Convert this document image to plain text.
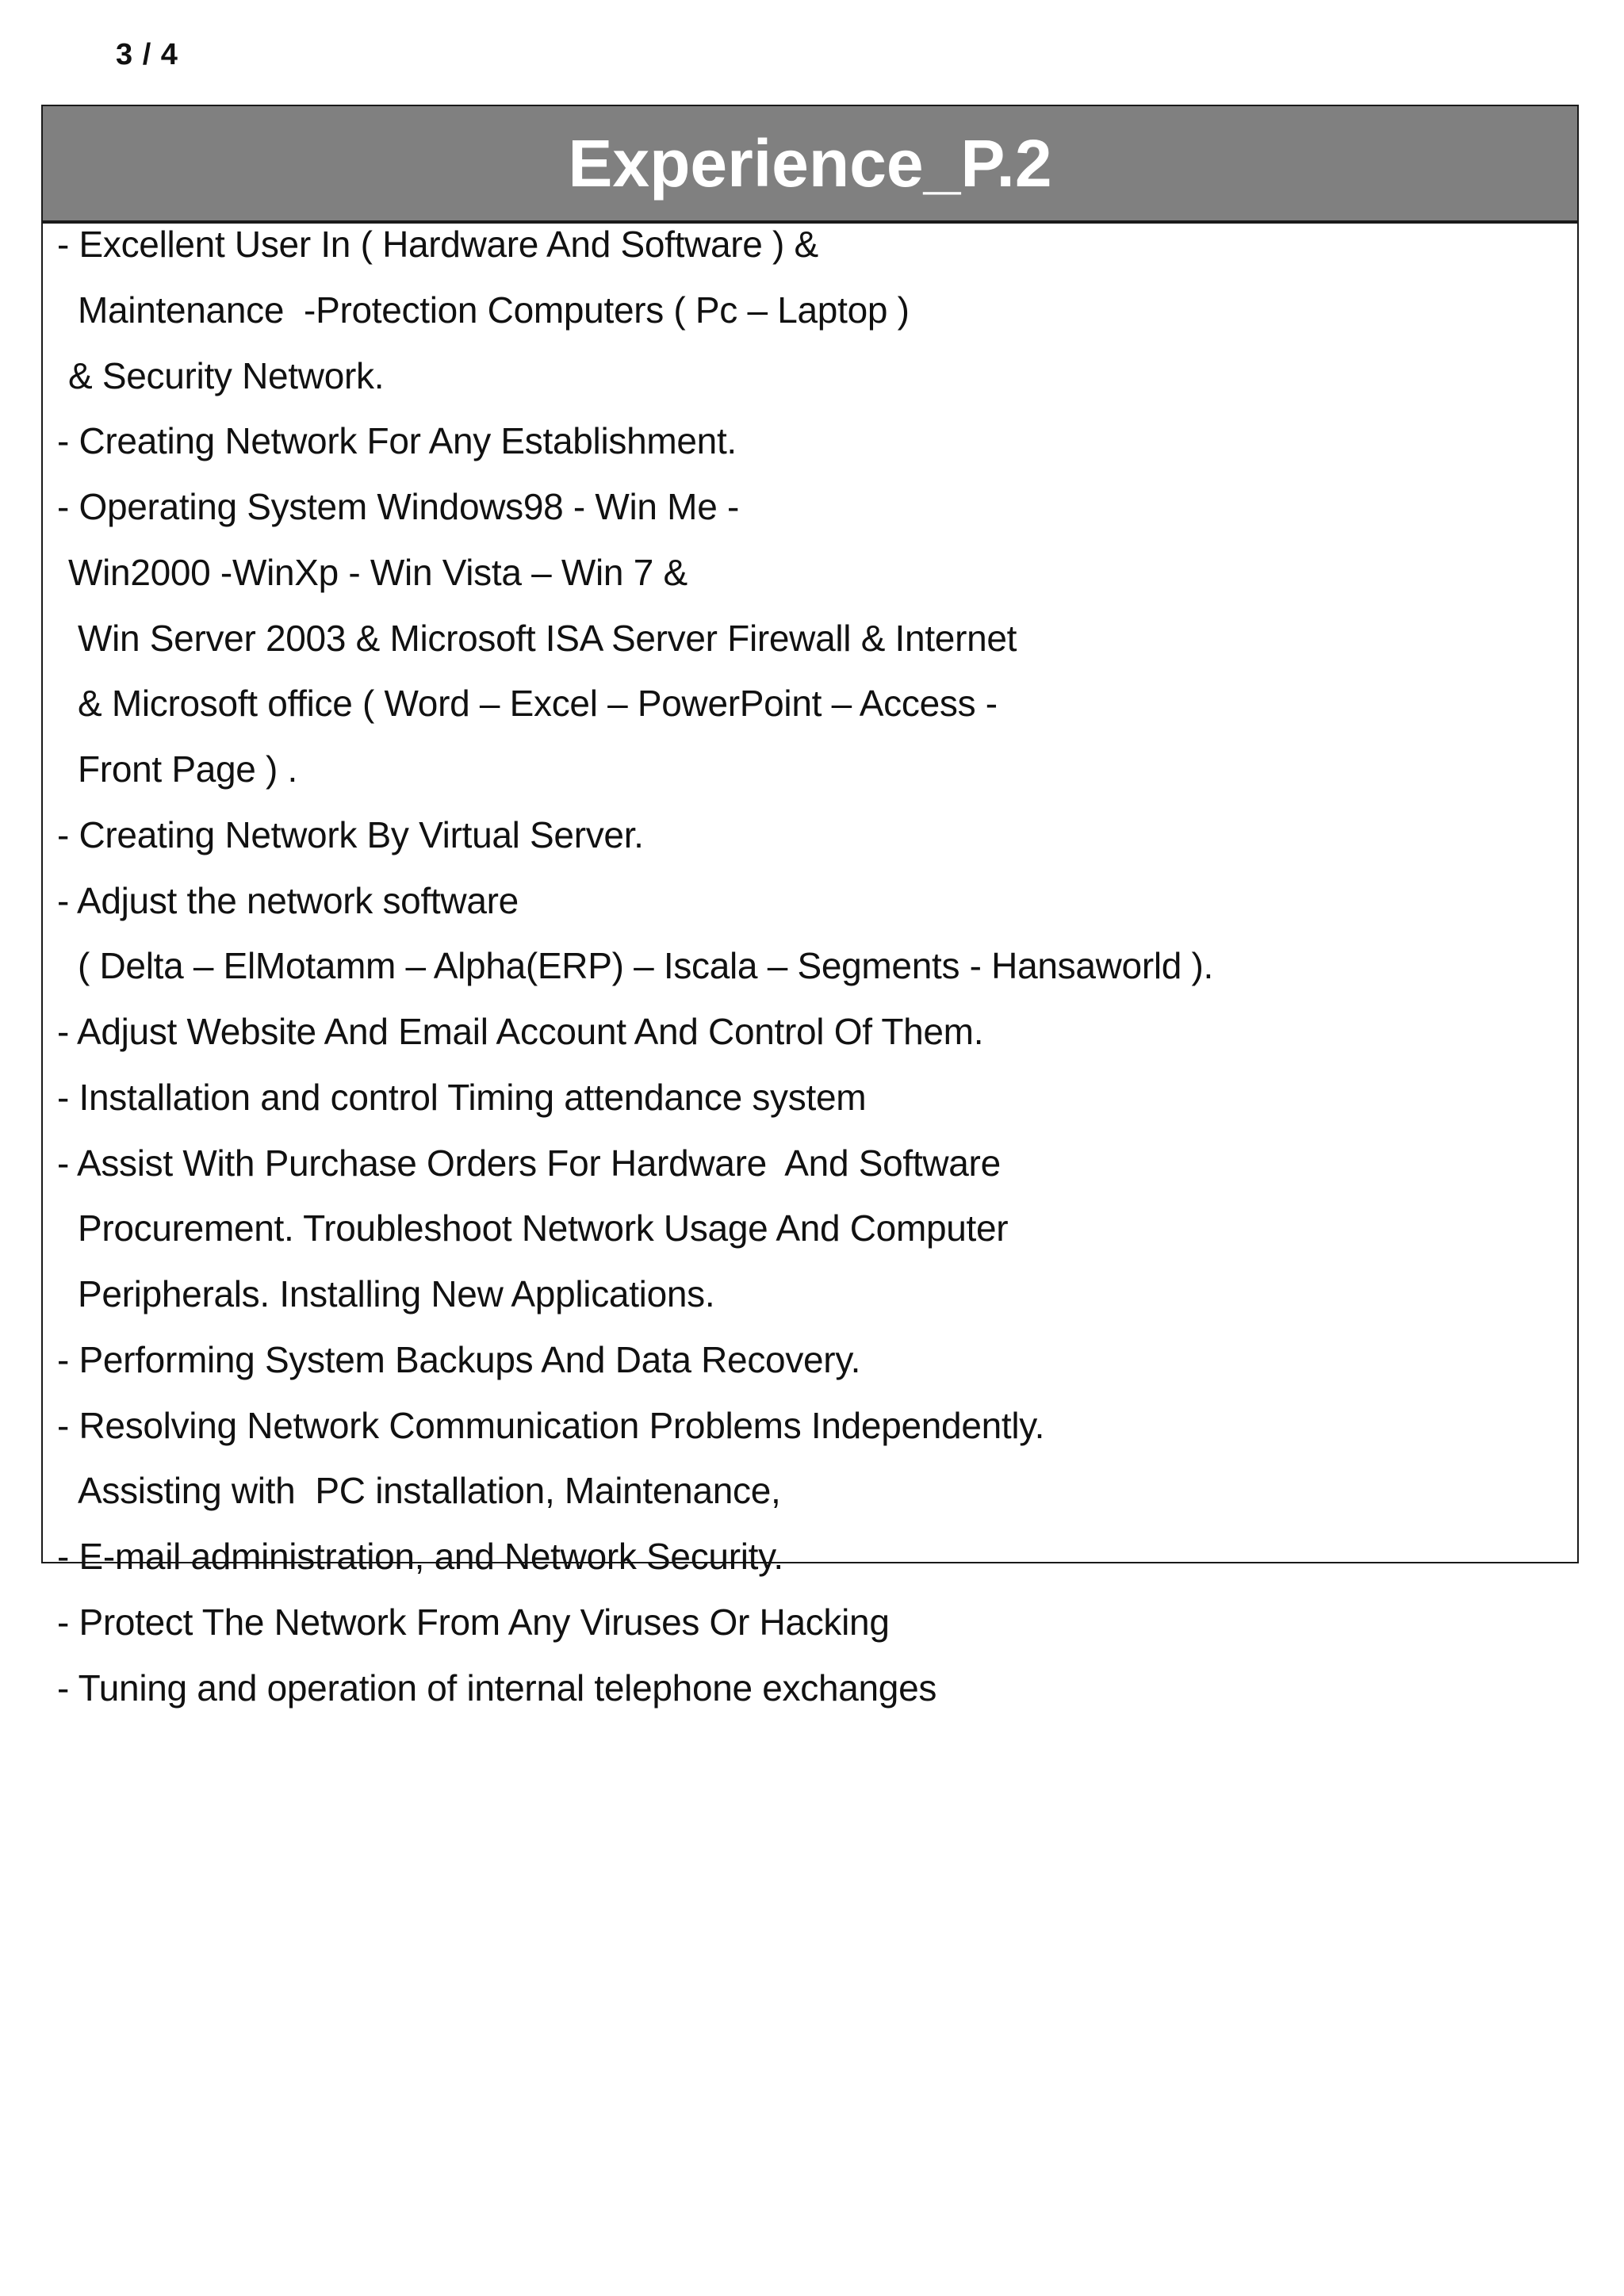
3 / 4
Experience_P.2
- Excellent User In ( Hardware And Software ) &
Maintenance  -Protection Computers ( Pc – Laptop )
& Security Network.
- Creating Network For Any Establishment.
- Operating System Windows98 - Win Me -
Win2000 -WinXp - Win Vista – Win 7 &
Win Server 2003 & Microsoft ISA Server Firewall & Internet
& Microsoft office ( Word – Excel – PowerPoint – Access -
Front Page ) .
- Creating Network By Virtual Server.
- Adjust the network software
( Delta – ElMotamm – Alpha(ERP) – Iscala – Segments - Hansaworld ).
- Adjust Website And Email Account And Control Of Them.
- Installation and control Timing attendance system
- Assist With Purchase Orders For Hardware  And Software
Procurement. Troubleshoot Network Usage And Computer
Peripherals. Installing New Applications.
- Performing System Backups And Data Recovery.
- Resolving Network Communication Problems Independently.
Assisting with  PC installation, Maintenance,
- E-mail administration, and Network Security.
- Protect The Network From Any Viruses Or Hacking
- Tuning and operation of internal telephone exchanges
